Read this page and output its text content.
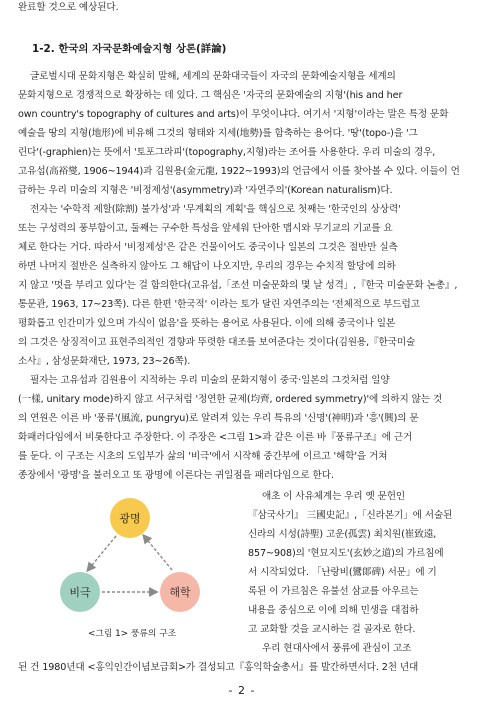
완료할 것으로 예상된다.
1-2. 한국의 자국문화예술지형 상론(詳論)
글로벌시대 문화지형은 확실히 말해, 세계의 문화대국들이 자국의 문화예술지형을 세계의
문화지형으로 경쟁적으로 확장하는 데 있다. 그 핵심은 '자국의 문화예술의 지형'(his and her
own country's topography of cultures and arts)이 무엇이냐다. 여기서 '지형'이라는 말은 특정 문화
예술을 땅의 지형(地形)에 비유해 그것의 형태와 지세(地勢)를 함축하는 용어다. '땅'(topo-)을 '그
린다'(-graphien)는 뜻에서 '토포그라피'(topography,지형)라는 조어를 사용한다. 우리 미술의 경우,
고유섭(高裕燮, 1906~1944)과 김원용(金元龍, 1922~1993)의 언급에서 이를 찾아볼 수 있다. 이들이 언
급하는 우리 미술의 지형은 '비정제성'(asymmetry)과 '자연주의'(Korean naturalism)다.
전자는 '수학적 제할(除割) 불가성'과 '무계획의 계획'을 핵심으로 첫째는 '한국인의 상상력'
또는 구성력의 풍부함이고, 둘째는 구수한 특성을 앞세워 단아한 맵시와 무기교의 기교를 요
체로 한다는 거다. 따라서 '비정제성'은 같은 건물이어도 중국이나 일본의 그것은 절반만 실측
하면 나머지 절반은 실측하지 않아도 그 해답이 나오지만, 우리의 경우는 수치적 할당에 의하
지 않고 '멋을 부리고 있다'는 걸 함의한다(고유섭,「조선 미술문화의 몇 날 성격」,『한국 미술문화 논총』,
통문관, 1963, 17~23쪽). 다른 한편 '한국적' 이라는 토가 달린 자연주의는 '전체적으로 부드럽고
평화롭고 인간미가 있으며 가식이 없음'을 뜻하는 용어로 사용된다. 이에 의해 중국이나 일본
의 그것은 상징적이고 표현주의적인 경향과 뚜렷한 대조를 보여준다는 것이다(김원용,『한국미술
소사』, 삼성문화재단, 1973, 23~26쪽).
필자는 고유섭과 김원용이 지적하는 우리 미술의 문화지형이 중국·일본의 그것처럼 일양
(一樣, unitary mode)하지 않고 서구처럼 '정연한 균제(均齊, ordered symmetry)'에 의하지 않는 것
의 연원은 이른 바 '풍류'(風流, pungryu)로 알려져 있는 우리 특유의 '신명'(神明)과 '흥'(興)의 문
화패러다임에서 비롯한다고 주장한다. 이 주장은 <그림 1>과 같은 이른 바『풍류구조』에 근거
를 둔다. 이 구조는 시초의 도입부가 삶의 '비극'에서 시작해 중간부에 이르고 '해학'을 거쳐
종장에서 '광명'을 불러오고 또 광명에 이른다는 귀일점을 패러다임으로 한다.
애초 이 사유체계는 우리 옛 문헌인
『삼국사기』 三國史記』,「신라본기」에 서술된
신라의 시성(詩聖) 고운(孤雲) 최치원(崔致遠,
857~908)의 '현묘지도'(玄妙之道)의 가르침에
서 시작되었다. 「난랑비(鸞郞碑) 서문」에 기
록된 이 가르침은 유불선 삼교를 아우르는
내용을 중심으로 이에 의해 민생을 대접하
고 교화할 것을 교시하는 걸 골자로 한다.
우리 현대사에서 풍류에 관심이 고조
된 건 1980년대 <홍익인간이념보급회>가 결성되고『홍익학술총서』를 발간하면서다. 2천 년대
광명
비극	해학
<그림 1> 풍류의 구조
- 2 -
